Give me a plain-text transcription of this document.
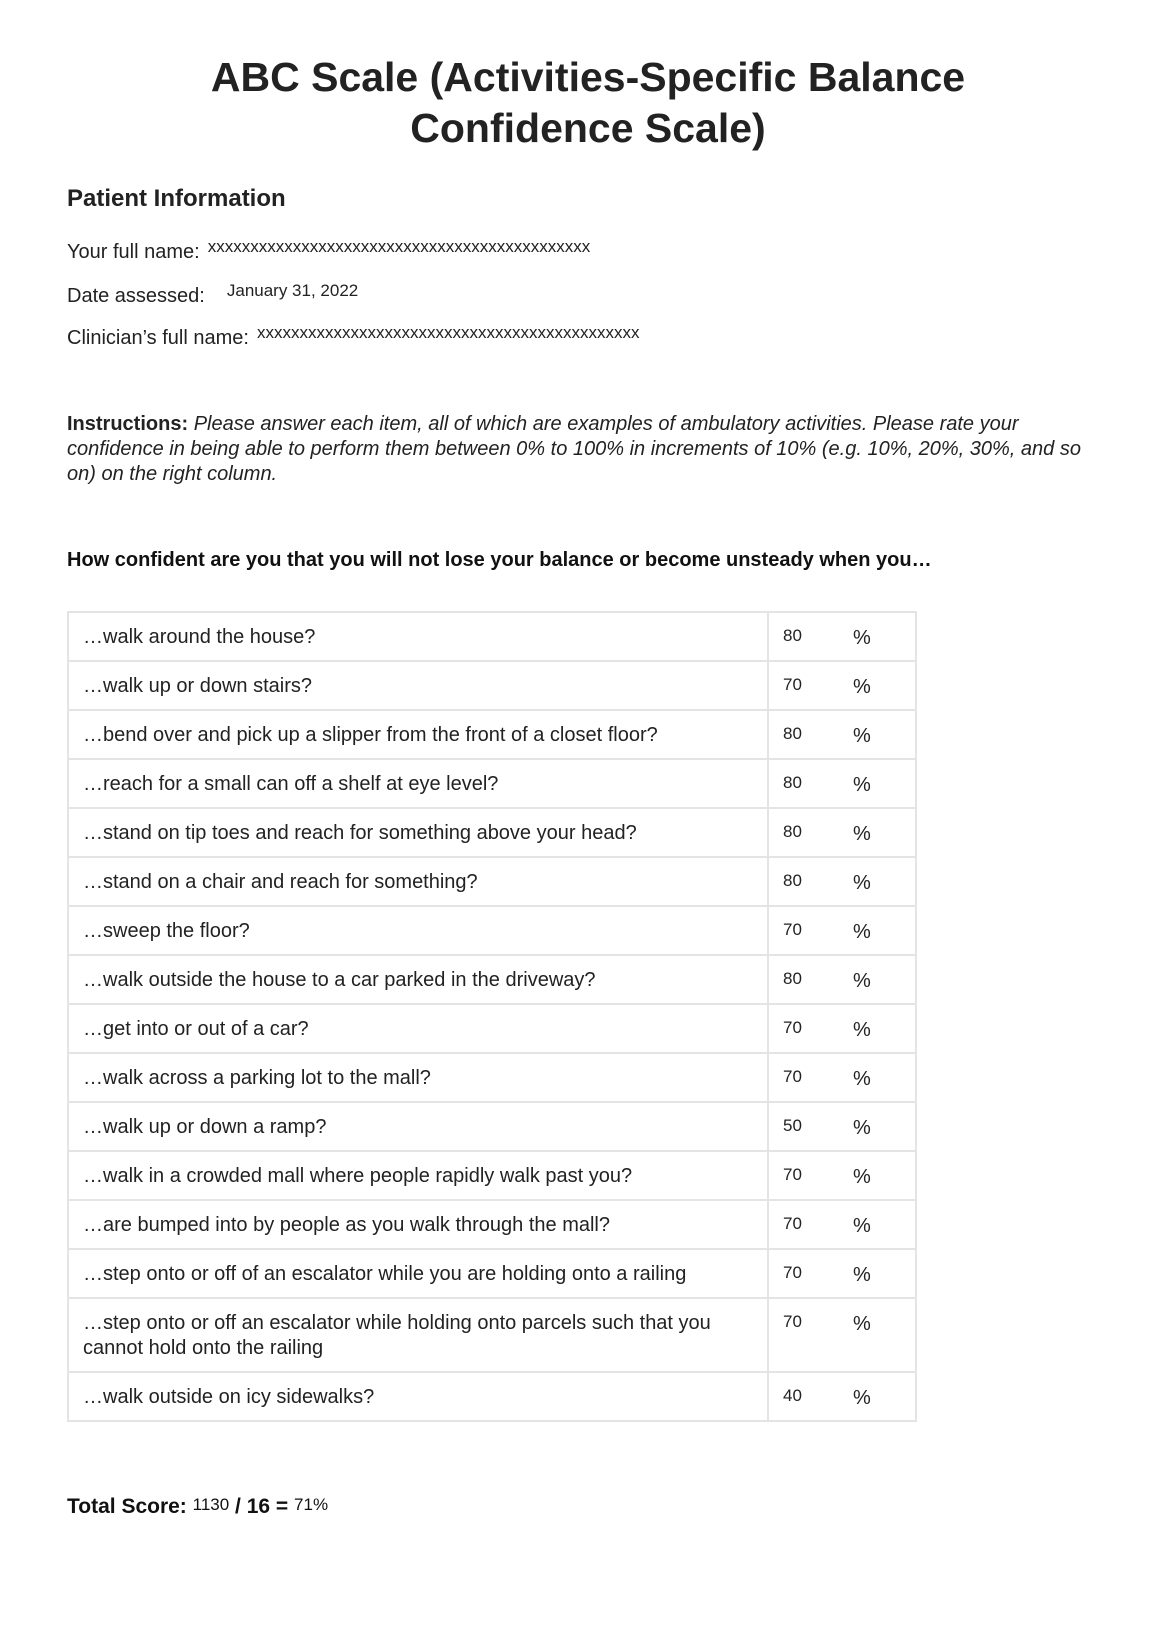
ABC Scale (Activities-Specific Balance
Confidence Scale)
Patient Information
Your full name: $^{xxxxxxxxxxxxxxxxxxxxxxxxxxxxxxxxxxxxxxxxxxxxx}$
Date assessed: $^{January 31, 2022}$
Clinician’s full name: $^{xxxxxxxxxxxxxxxxxxxxxxxxxxxxxxxxxxxxxxxxxxxxx}$
Instructions: Please answer each item, all of which are examples of ambulatory activities. Please rate your confidence in being able to perform them between 0% to 100% in increments of 10% (e.g. 10%, 20%, 30%, and so on) on the right column.
How confident are you that you will not lose your balance or become unsteady when you…
…walk around the house?	80 %

…walk up or down stairs?	70 %

…bend over and pick up a slipper from the front of a closet floor?	80 %

…reach for a small can off a shelf at eye level?	80 %

…stand on tip toes and reach for something above your head?	80 %

…stand on a chair and reach for something?	80 %

…sweep the floor?	70 %

…walk outside the house to a car parked in the driveway?	80 %

…get into or out of a car?	70 %

…walk across a parking lot to the mall?	70 %

…walk up or down a ramp?	50 %

…walk in a crowded mall where people rapidly walk past you?	70 %

…are bumped into by people as you walk through the mall?	70 %

…step onto or off of an escalator while you are holding onto a railing	70 %

…step onto or off an escalator while holding onto parcels such that you cannot hold onto the railing	70 %

…walk outside on icy sidewalks?	40 %
Total Score: 1130 / 16 = 71%
